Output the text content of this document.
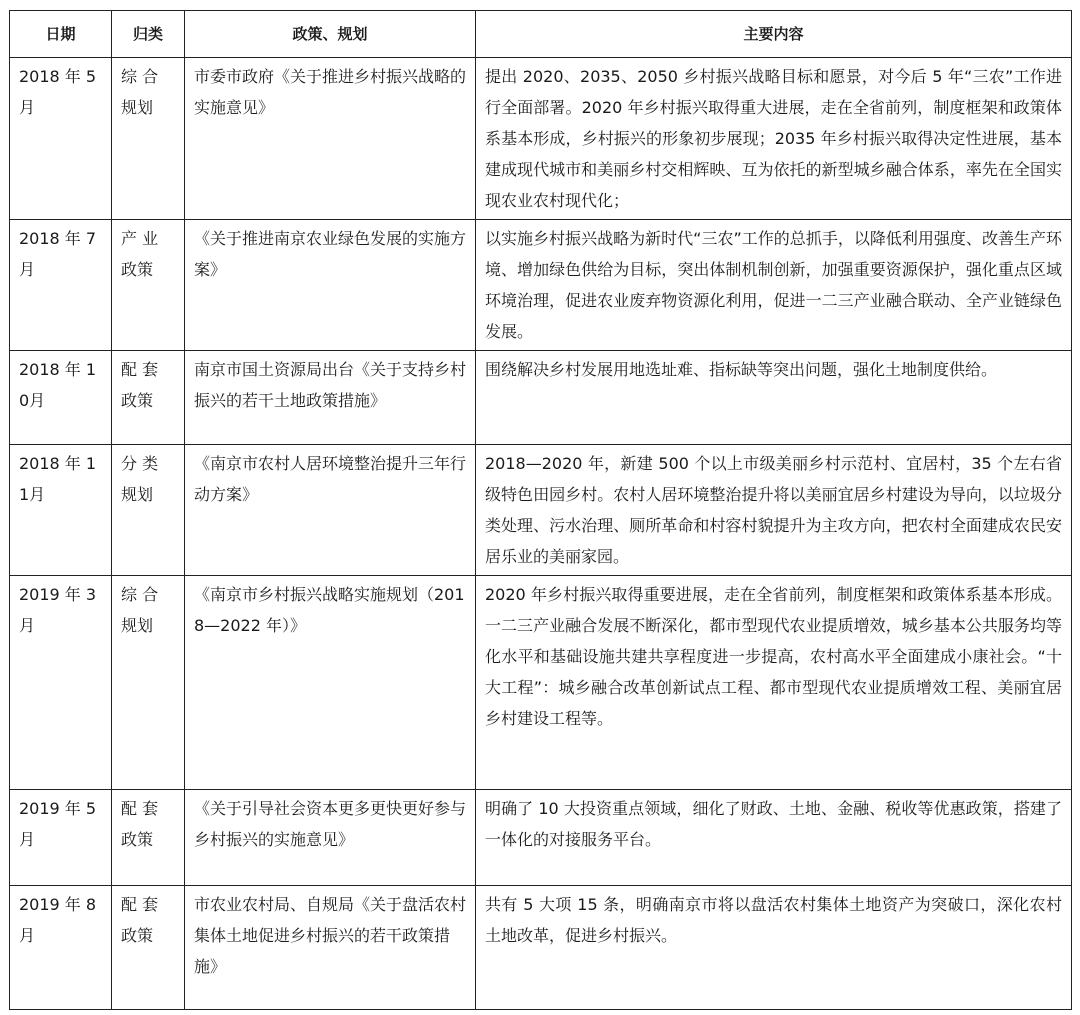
日期	归类	政策、规划	主要内容
2018 年 5月	综 合 规划	市委市政府《关于推进乡村振兴战略的实施意见》	提出 2020、2035、2050 乡村振兴战略目标和愿景，对今后 5 年“三农”工作进行全面部署。2020 年乡村振兴取得重大进展，走在全省前列，制度框架和政策体系基本形成，乡村振兴的形象初步展现；2035 年乡村振兴取得决定性进展，基本建成现代城市和美丽乡村交相辉映、互为依托的新型城乡融合体系，率先在全国实现农业农村现代化；
2018 年 7月	产 业 政策	《关于推进南京农业绿色发展的实施方案》	以实施乡村振兴战略为新时代“三农”工作的总抓手，以降低利用强度、改善生产环境、增加绿色供给为目标，突出体制机制创新，加强重要资源保护，强化重点区域环境治理，促进农业废弃物资源化利用，促进一二三产业融合联动、全产业链绿色发展。
2018 年 10月	配 套 政策	南京市国土资源局出台《关于支持乡村振兴的若干土地政策措施》	围绕解决乡村发展用地选址难、指标缺等突出问题，强化土地制度供给。
2018 年 11月	分 类 规划	《南京市农村人居环境整治提升三年行动方案》	2018—2020 年，新建 500 个以上市级美丽乡村示范村、宜居村，35 个左右省级特色田园乡村。农村人居环境整治提升将以美丽宜居乡村建设为导向，以垃圾分类处理、污水治理、厕所革命和村容村貌提升为主攻方向，把农村全面建成农民安居乐业的美丽家园。
2019 年 3 月	综 合 规划	《南京市乡村振兴战略实施规划（2018—2022 年）》	2020 年乡村振兴取得重要进展，走在全省前列，制度框架和政策体系基本形成。一二三产业融合发展不断深化，都市型现代农业提质增效，城乡基本公共服务均等化水平和基础设施共建共享程度进一步提高，农村高水平全面建成小康社会。“十大工程”：城乡融合改革创新试点工程、都市型现代农业提质增效工程、美丽宜居乡村建设工程等。
2019 年 5月	配 套 政策	《关于引导社会资本更多更快更好参与乡村振兴的实施意见》	明确了 10 大投资重点领域，细化了财政、土地、金融、税收等优惠政策，搭建了一体化的对接服务平台。
2019 年 8月	配 套 政策	市农业农村局、自规局《关于盘活农村集体土地促进乡村振兴的若干政策措施》	共有 5 大项 15 条，明确南京市将以盘活农村集体土地资产为突破口，深化农村土地改革，促进乡村振兴。
